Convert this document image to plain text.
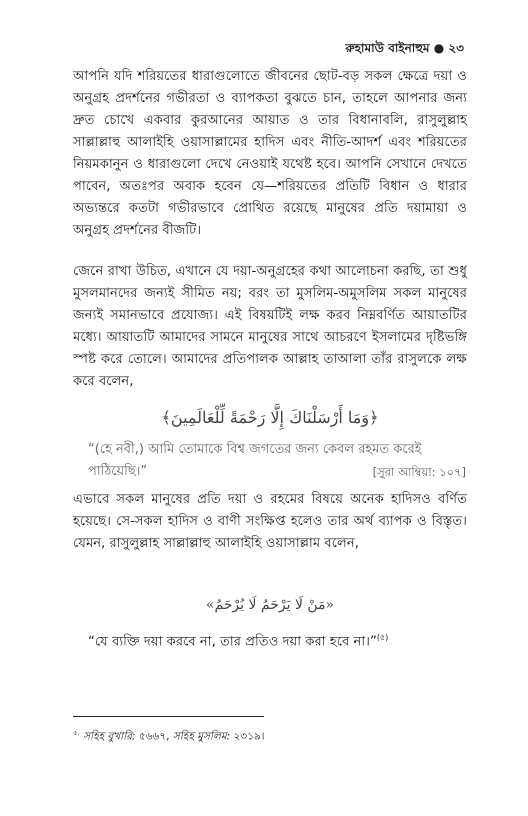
রুহামাউ বাইনাহুম ● ২৩
আপনি যদি শরিয়তের ধারাগুলোতে জীবনের ছোট-বড় সকল ক্ষেত্রে দয়া ও অনুগ্রহ প্রদর্শনের গভীরতা ও ব্যাপকতা বুঝতে চান, তাহলে আপনার জন্য দ্রুত চোখে একবার কুরআনের আয়াত ও তার বিধানাবলি, রাসুলুল্লাহ সাল্লাল্লাহু আলাইহি ওয়াসাল্লামের হাদিস এবং নীতি-আদর্শ এবং শরিয়তের নিয়মকানুন ও ধারাগুলো দেখে নেওয়াই যথেষ্ট হবে। আপনি সেখানে দেখতে পাবেন, অতঃপর অবাক হবেন যে—শরিয়তের প্রতিটি বিধান ও ধারার অভ্যন্তরে কতটা গভীরভাবে প্রোথিত রয়েছে মানুষের প্রতি দয়ামায়া ও অনুগ্রহ প্রদর্শনের বীজটি।
জেনে রাখা উচিত, এখানে যে দয়া-অনুগ্রহের কথা আলোচনা করছি, তা শুধু মুসলমানদের জন্যই সীমিত নয়; বরং তা মুসলিম-অমুসলিম সকল মানুষের জন্যই সমানভাবে প্রযোজ্য। এই বিষয়টিই লক্ষ করব নিম্নবর্ণিত আয়াতটির মধ্যে। আয়াতটি আমাদের সামনে মানুষের সাথে আচরণে ইসলামের দৃষ্টিভঙ্গি স্পষ্ট করে তোলে। আমাদের প্রতিপালক আল্লাহ তাআলা তাঁর রাসুলকে লক্ষ করে বলেন,
﴿وَمَا أَرْسَلْنَاكَ إِلَّا رَحْمَةً لِّلْعَالَمِينَ﴾
“(হে নবী,) আমি তোমাকে বিশ্ব জগতের জন্য কেবল রহমত করেই পাঠিয়েছি।”	[সুরা আম্বিয়া: ১০৭]
এভাবে সকল মানুষের প্রতি দয়া ও রহমের বিষয়ে অনেক হাদিসও বর্ণিত হয়েছে। সে-সকল হাদিস ও বাণী সংক্ষিপ্ত হলেও তার অর্থ ব্যাপক ও বিস্তৃত। যেমন, রাসুলুল্লাহ সাল্লাল্লাহু আলাইহি ওয়াসাল্লাম বলেন,
«مَنْ لَا يَرْحَمُ لَا يُرْحَمُ»
“যে ব্যক্তি দয়া করবে না, তার প্রতিও দয়া করা হবে না।”$^{(৫)}$
$^{৫.}$ সহিহ বুখারি: ৫৬৬৭, সহিহ মুসলিম: ২৩১৯।
